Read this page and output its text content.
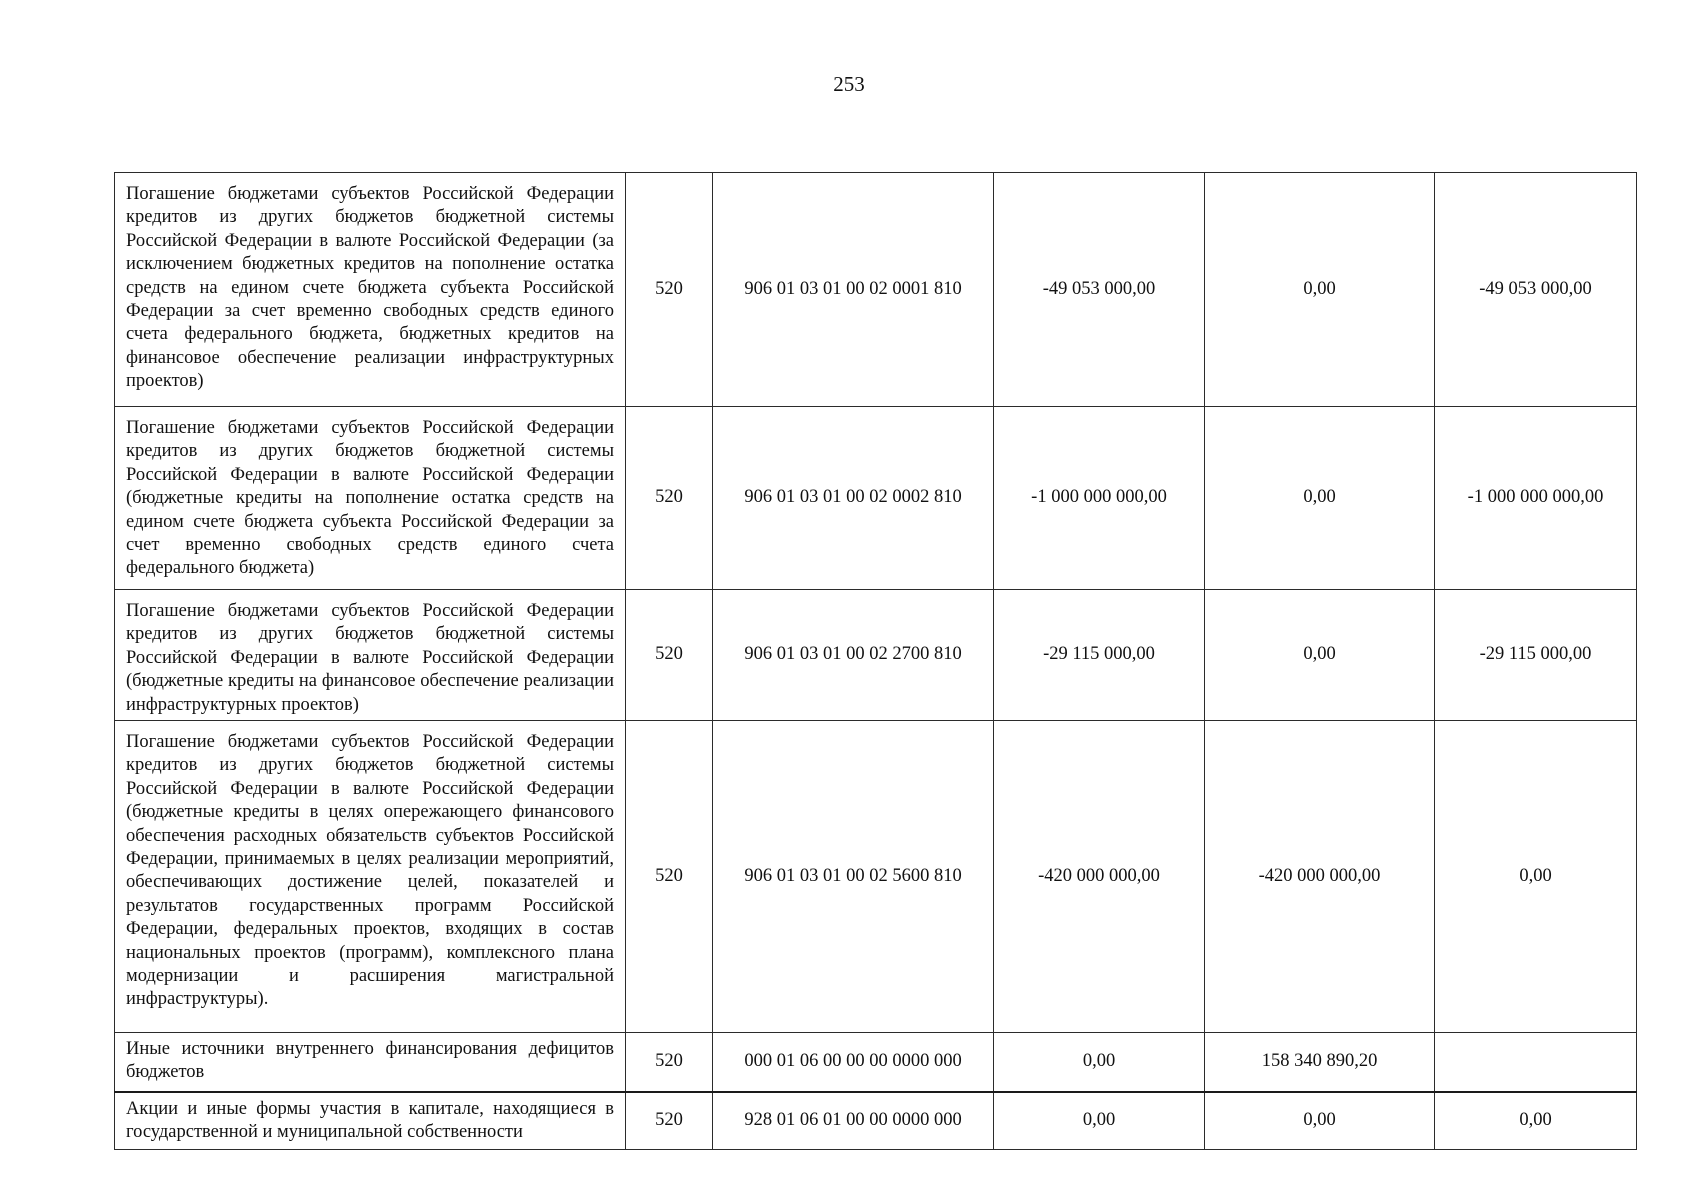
253
Погашение бюджетами субъектов Российской Федерации кредитов из других бюджетов бюджетной системы Российской Федерации в валюте Российской Федерации (за исключением бюджетных кредитов на пополнение остатка средств на едином счете бюджета субъекта Российской Федерации за счет временно свободных средств единого счета федерального бюджета, бюджетных кредитов на финансовое обеспечение реализации инфраструктурных проектов)	520	906 01 03 01 00 02 0001 810	-49 053 000,00	0,00	-49 053 000,00
Погашение бюджетами субъектов Российской Федерации кредитов из других бюджетов бюджетной системы Российской Федерации в валюте Российской Федерации (бюджетные кредиты на пополнение остатка средств на едином счете бюджета субъекта Российской Федерации за счет временно свободных средств единого счета федерального бюджета)	520	906 01 03 01 00 02 0002 810	-1 000 000 000,00	0,00	-1 000 000 000,00
Погашение бюджетами субъектов Российской Федерации кредитов из других бюджетов бюджетной системы Российской Федерации в валюте Российской Федерации (бюджетные кредиты на финансовое обеспечение реализации инфраструктурных проектов)	520	906 01 03 01 00 02 2700 810	-29 115 000,00	0,00	-29 115 000,00
Погашение бюджетами субъектов Российской Федерации кредитов из других бюджетов бюджетной системы Российской Федерации в валюте Российской Федерации (бюджетные кредиты в целях опережающего финансового обеспечения расходных обязательств субъектов Российской Федерации, принимаемых в целях реализации мероприятий, обеспечивающих достижение целей, показателей и результатов государственных программ Российской Федерации, федеральных проектов, входящих в состав национальных проектов (программ), комплексного плана модернизации и расширения магистральной инфраструктуры).	520	906 01 03 01 00 02 5600 810	-420 000 000,00	-420 000 000,00	0,00
Иные источники внутреннего финансирования дефицитов бюджетов	520	000 01 06 00 00 00 0000 000	0,00	158 340 890,20	
Акции и иные формы участия в капитале, находящиеся в государственной и муниципальной собственности	520	928 01 06 01 00 00 0000 000	0,00	0,00	0,00
